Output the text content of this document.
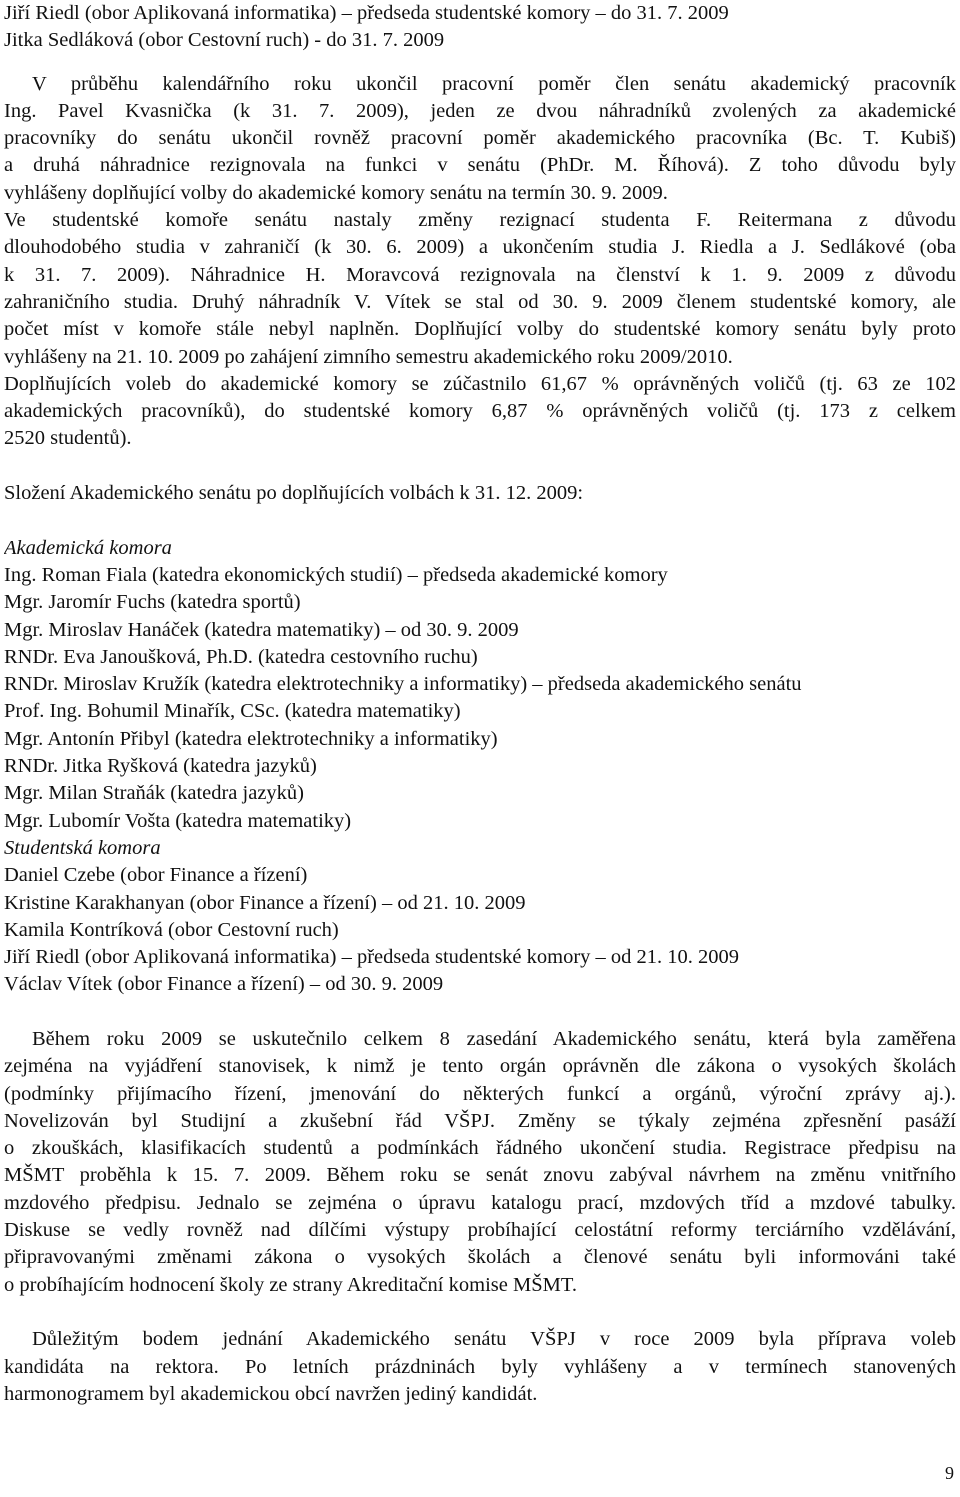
Jiří Riedl (obor Aplikovaná informatika) – předseda studentské komory – do 31. 7. 2009
Jitka Sedláková (obor Cestovní ruch) - do 31. 7. 2009
V průběhu kalendářního roku ukončil pracovní poměr člen senátu akademický pracovník
Ing. Pavel Kvasnička (k 31. 7. 2009), jeden ze dvou náhradníků zvolených za akademické
pracovníky do senátu ukončil rovněž pracovní poměr akademického pracovníka (Bc. T. Kubiš)
a druhá náhradnice rezignovala na funkci v senátu (PhDr. M. Říhová). Z toho důvodu byly
vyhlášeny doplňující volby do akademické komory senátu na termín 30. 9. 2009.
Ve studentské komoře senátu nastaly změny rezignací studenta F. Reitermana z důvodu
dlouhodobého studia v zahraničí (k 30. 6. 2009) a ukončením studia J. Riedla a J. Sedlákové (oba
k 31. 7. 2009). Náhradnice H. Moravcová rezignovala na členství k 1. 9. 2009 z důvodu
zahraničního studia. Druhý náhradník V. Vítek se stal od 30. 9. 2009 členem studentské komory, ale
počet míst v komoře stále nebyl naplněn. Doplňující volby do studentské komory senátu byly proto
vyhlášeny na 21. 10. 2009 po zahájení zimního semestru akademického roku 2009/2010.
Doplňujících voleb do akademické komory se zúčastnilo 61,67 % oprávněných voličů (tj. 63 ze 102
akademických pracovníků), do studentské komory 6,87 % oprávněných voličů (tj. 173 z celkem
2520 studentů).
Složení Akademického senátu po doplňujících volbách k 31. 12. 2009:
Akademická komora
Ing. Roman Fiala (katedra ekonomických studií) – předseda akademické komory
Mgr. Jaromír Fuchs (katedra sportů)
Mgr. Miroslav Hanáček (katedra matematiky) – od 30. 9. 2009
RNDr. Eva Janoušková, Ph.D. (katedra cestovního ruchu)
RNDr. Miroslav Kružík (katedra elektrotechniky a informatiky) – předseda akademického senátu
Prof. Ing. Bohumil Minařík, CSc. (katedra matematiky)
Mgr. Antonín Přibyl (katedra elektrotechniky a informatiky)
RNDr. Jitka Ryšková (katedra jazyků)
Mgr. Milan Straňák (katedra jazyků)
Mgr. Lubomír Vošta (katedra matematiky)
Studentská komora
Daniel Czebe (obor Finance a řízení)
Kristine Karakhanyan (obor Finance a řízení) – od 21. 10. 2009
Kamila Kontríková (obor Cestovní ruch)
Jiří Riedl (obor Aplikovaná informatika) – předseda studentské komory – od 21. 10. 2009
Václav Vítek (obor Finance a řízení) – od 30. 9. 2009
Během roku 2009 se uskutečnilo celkem 8 zasedání Akademického senátu, která byla zaměřena
zejména na vyjádření stanovisek, k nimž je tento orgán oprávněn dle zákona o vysokých školách
(podmínky přijímacího řízení, jmenování do některých funkcí a orgánů, výroční zprávy aj.).
Novelizován byl Studijní a zkušební řád VŠPJ. Změny se týkaly zejména zpřesnění pasáží
o zkouškách, klasifikacích studentů a podmínkách řádného ukončení studia. Registrace předpisu na
MŠMT proběhla k 15. 7. 2009. Během roku se senát znovu zabýval návrhem na změnu vnitřního
mzdového předpisu. Jednalo se zejména o úpravu katalogu prací, mzdových tříd a mzdové tabulky.
Diskuse se vedly rovněž nad dílčími výstupy probíhající celostátní reformy terciárního vzdělávání,
připravovanými změnami zákona o vysokých školách a členové senátu byli informováni také
o probíhajícím hodnocení školy ze strany Akreditační komise MŠMT.
Důležitým bodem jednání Akademického senátu VŠPJ v roce 2009 byla příprava voleb
kandidáta na rektora. Po letních prázdninách byly vyhlášeny a v termínech stanovených
harmonogramem byl akademickou obcí navržen jediný kandidát.
9
